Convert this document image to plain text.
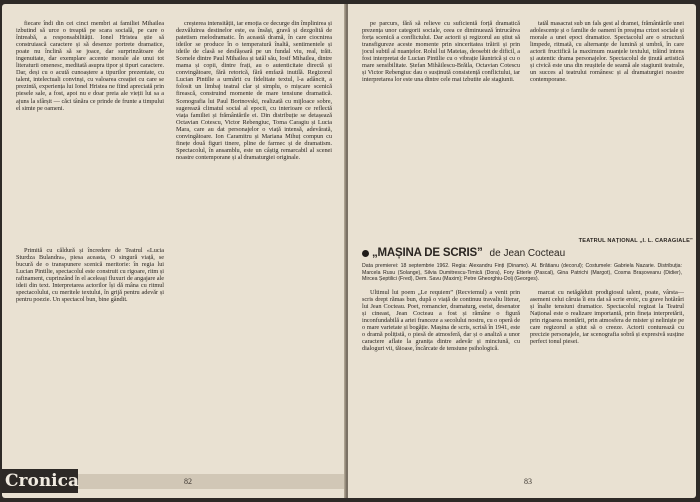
fiecare îndi din cei cinci membri ai familiei Mihailea izbutind să urce o treaptă pe scara socială, pe care o întreabă, a responsabilității. Ionel Hristea știe să construiască caractere și să desenze portrete dramatice, poate nu înclină să se joace, dar surprinzătoare de ingenuitate, dar exemplare accente morale ale unui tot literaturii omenesc, meditată asupra tipor și tipuri caractere. Dar, deși cu o acută cunoaștere a tipurilor prezentate, cu talent, intelectuali convinși, cu valoarea creației cu care se prezintă, experiența lui Ionel Hristea ne fiind apreciată prin piesele sale, a fost, apoi nu e doar preia ale vieții lui sa a ajuns la sfârșit — căci tânăra ce prinde de frunte a timpului el simte pe oameni.

Primită cu căldură și încredere de Teatrul «Lucia Sturdza Bulandra», piesa aceasta, O singură viață, se bucură de o transpunere scenică meritorie: în regia lui Lucian Pintilie, spectacolul este construit cu rigoare, ritm și rafinament, cuprinzând în el aceleași fluxuri de angajare ale ideii din text. Interpretarea actorilor își dă mâna cu ritmul spectacolului, cu meritele textului, în grijă pentru adevăr și pentru poezie. Un spectacol bun, bine gândit.

creșterea intensității, iar emoția ce decurge din împlinirea și dezvăluirea destinelor este, ea însăși, gravă și dezgolită de patetism melodramatic. În această dramă, în care ciocnirea ideilor se produce în o temperatură înaltă, sentimentele și ideile de clasă se desfășoară pe un fundal viu, real, trăit. Scenele dintre Paul Mihailea și tatăl său, Iosif Mihailea, dintre mama și copii, dintre frați, au o autenticitate directă și convingătoare, fără retorică, fără emfază inutilă. Regizorul Lucian Pintilie a urmărit cu fidelitate textul, l-a adâncit, a folosit un limbaj teatral clar și simplu, o mișcare scenică firească, construind momente de mare tensiune dramatică. Scenografia lui Paul Bortnovski, realizată cu mijloace sobre, sugerează climatul social al epocii, cu interioare ce reflectă viața familiei și frământările ei. Din distribuție se detașează Octavian Cotescu, Victor Rebengiuc, Toma Caragiu și Lucia Mara, care au dat personajelor o viață intensă, adevărată, convingătoare. Ion Caramitru și Mariana Mihuț compun cu finețe două figuri tinere, pline de farmec și de dramatism. Spectacolul, în ansamblu, este un câștig remarcabil al scenei noastre contemporane și al dramaturgiei originale.

Cronica	82

pe parcurs, fără să relieve cu suficientă forță dramatică prezența unor categorii sociale, ceea ce diminuează întrucâtva forța scenică a conflictului. Dar actorii și regizorul au știut să transfigureze aceste momente prin sinceritatea trăirii și prin jocul subtil al nuanțelor. Rolul lui Mateiaș, deosebit de dificil, a fost interpretat de Lucian Pintilie cu o vibrație lăuntrică și cu o mare sensibilitate. Ștefan Mihăilescu-Brăila, Octavian Cotescu și Victor Rebengiuc dau o susținută consistență conflictului, iar interpretarea lor este una dintre cele mai izbutite ale stagiunii.

tatăl masacrat sub un fals gest al dramei, frământările unei adolescențe și o familie de oameni în preajma crizei sociale și morale a unei epoci dramatice. Spectacolul are o structură limpede, ritmată, cu alternanțe de lumină și umbră, în care actorii fructifică la maximum nuanțele textului, trăind intens și autentic drama personajelor. Spectacolul de ținută artistică și civică este una din reușitele de seamă ale stagiunii teatrale, un succes al teatrului românesc și al dramaturgiei noastre contemporane.

TEATRUL NAȚIONAL „I. L. CARAGIALE”
„MAȘINA DE SCRIS” de Jean Cocteau
Data premierei: 18 septembrie 1962. Regia: Alexandru Finți (Dinamo). Al. Brătianu (decorul); Costumele: Gabriela Nazarie. Distribuția: Marcela Rusu (Solange), Silvia Dumitrescu-Timică (Dora), Fory Etterle (Pascal), Gina Patrichi (Margot), Cosma Brașoveanu (Didier), Mircea Șeptilici (Fred), Dem. Savu (Maxim); Petre Gheorghiu-Dolj (Georges).

Ultimul lui poem „Le requiem” (Recviemul) a venit prin scris drept rămas bun, după o viață de continuu travaliu literar, lui Jean Cocteau. Poet, romancier, dramaturg, eseist, desenator și cineast, Jean Cocteau a fost și rămâne o figură inconfundabilă a artei franceze a secolului nostru, cu o operă de o mare varietate și bogăție. Mașina de scris, scrisă în 1941, este o dramă polițistă, o piesă de atmosferă, dar și o analiză a unor caractere aflate la granița dintre adevăr și minciună, cu dialoguri vii, tăioase, încărcate de tensiune psihologică.

marcat cu netăgăduit prodigiosul talent, poate, vârsta—asemeni celui căruia îi era dat să scrie eroic, cu grave hotărâri și înalte tensiuni dramatice. Spectacolul regizat la Teatrul Național este o realizare importantă, prin fineța interpretării, prin rigoarea montării, prin atmosfera de mister și neliniște pe care regizorul a știut să o creeze. Actorii conturează cu precizie personajele, iar scenografia sobră și expresivă susține perfect tonul piesei.

83
